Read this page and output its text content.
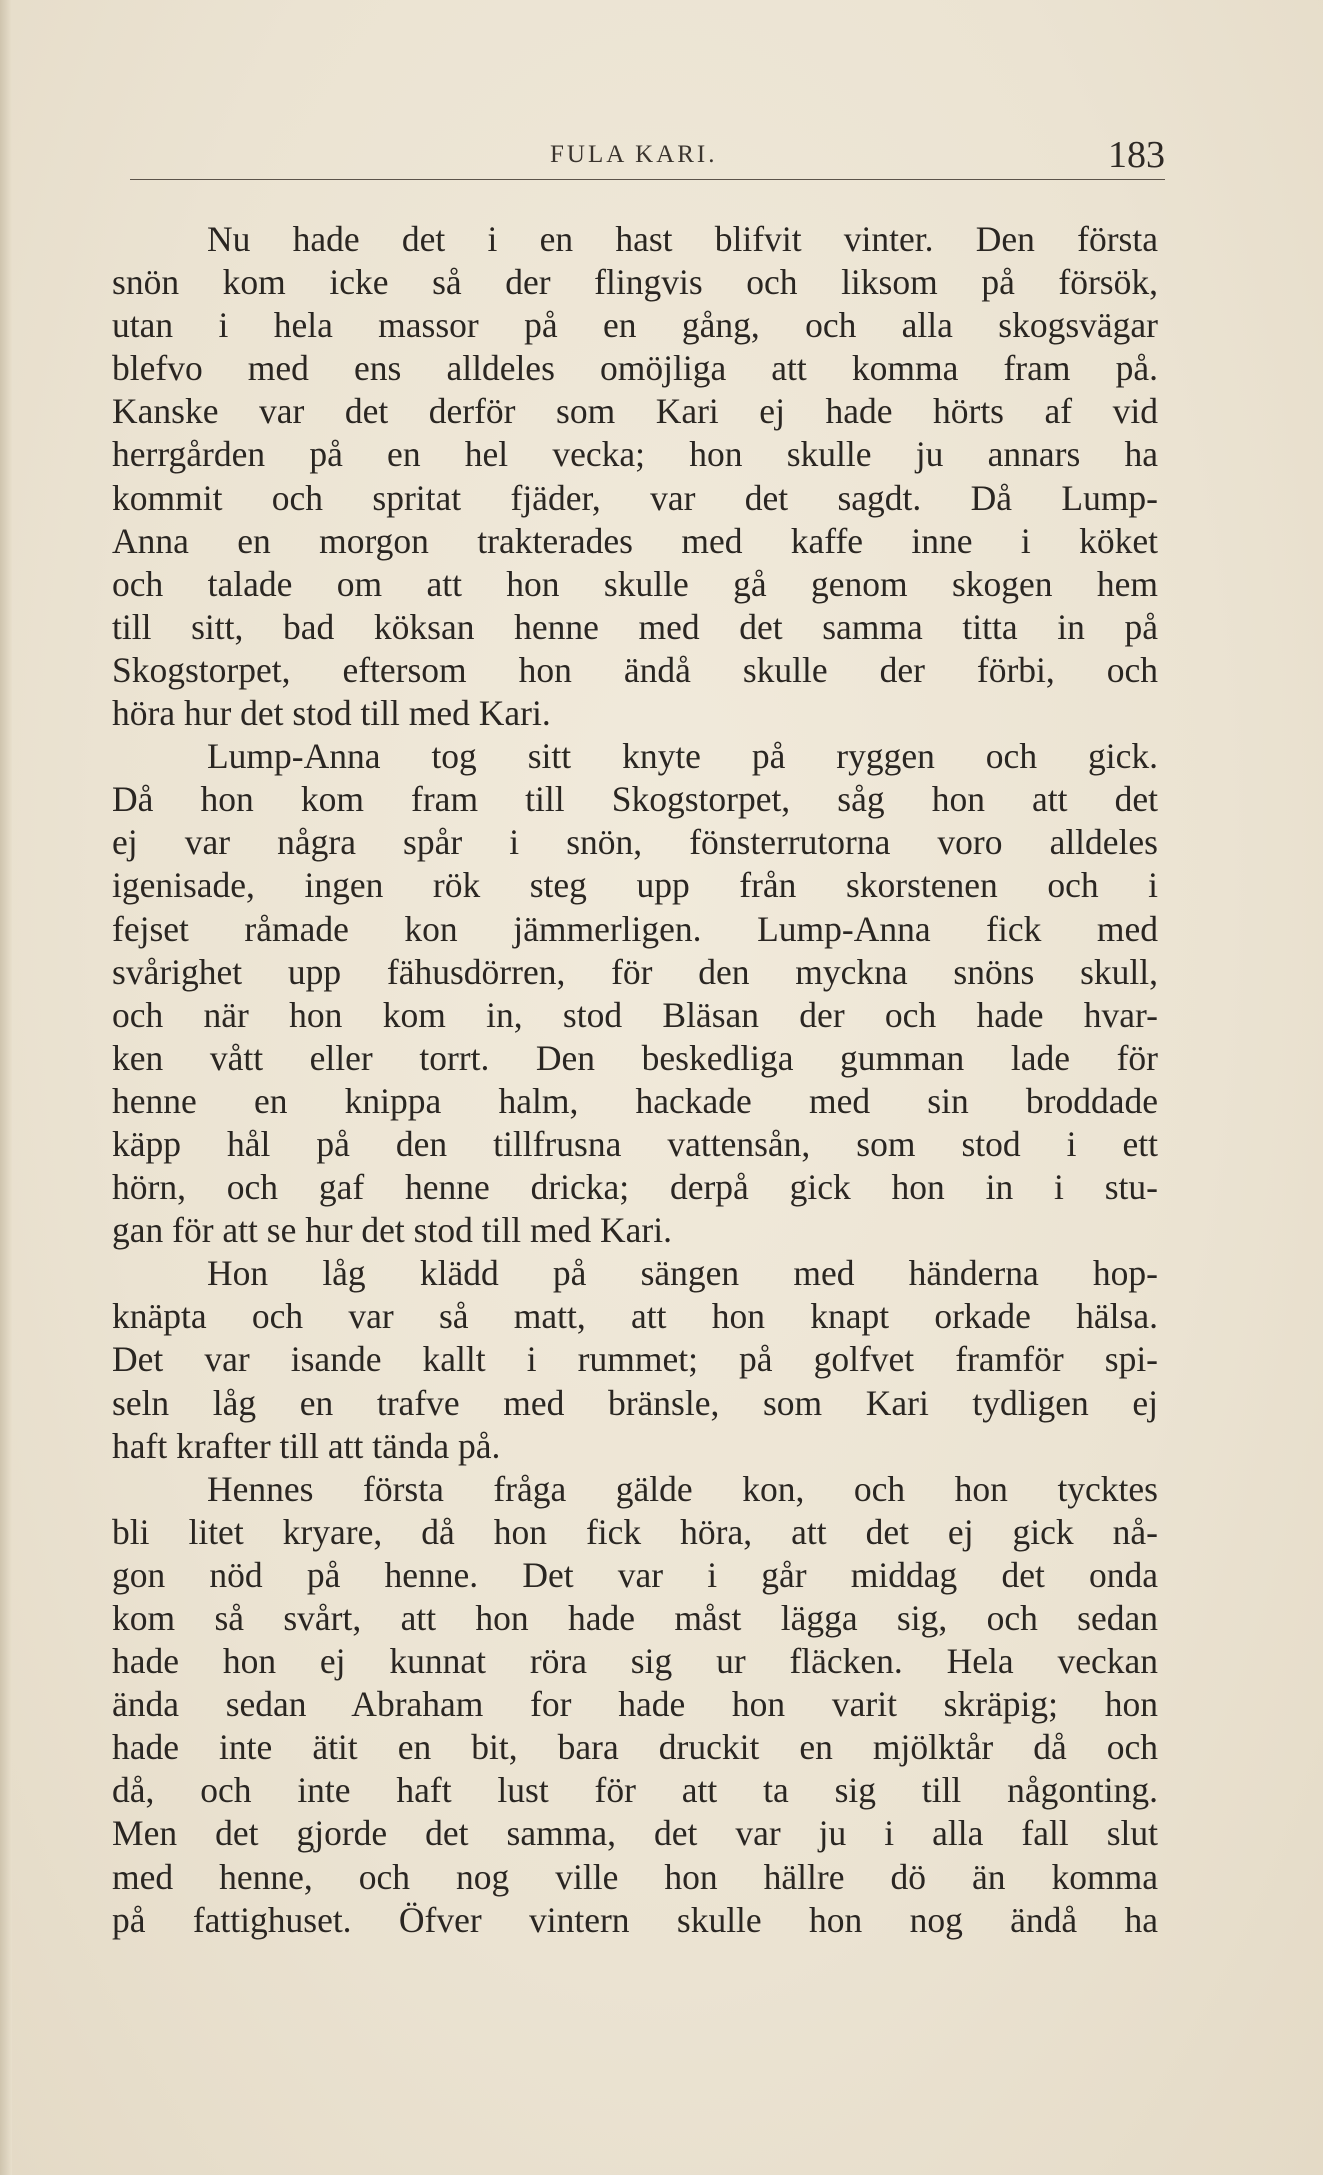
FULA KARI.	183
Nu hade det i en hast blifvit vinter. Den första
snön kom icke så der flingvis och liksom på försök,
utan i hela massor på en gång, och alla skogsvägar
blefvo med ens alldeles omöjliga att komma fram på.
Kanske var det derför som Kari ej hade hörts af vid
herrgården på en hel vecka; hon skulle ju annars ha
kommit och spritat fjäder, var det sagdt. Då Lump-
Anna en morgon trakterades med kaffe inne i köket
och talade om att hon skulle gå genom skogen hem
till sitt, bad köksan henne med det samma titta in på
Skogstorpet, eftersom hon ändå skulle der förbi, och
höra hur det stod till med Kari.
Lump-Anna tog sitt knyte på ryggen och gick.
Då hon kom fram till Skogstorpet, såg hon att det
ej var några spår i snön, fönsterrutorna voro alldeles
igenisade, ingen rök steg upp från skorstenen och i
fejset råmade kon jämmerligen. Lump-Anna fick med
svårighet upp fähusdörren, för den myckna snöns skull,
och när hon kom in, stod Bläsan der och hade hvar-
ken vått eller torrt. Den beskedliga gumman lade för
henne en knippa halm, hackade med sin broddade
käpp hål på den tillfrusna vattensån, som stod i ett
hörn, och gaf henne dricka; derpå gick hon in i stu-
gan för att se hur det stod till med Kari.
Hon låg klädd på sängen med händerna hop-
knäpta och var så matt, att hon knapt orkade hälsa.
Det var isande kallt i rummet; på golfvet framför spi-
seln låg en trafve med bränsle, som Kari tydligen ej
haft krafter till att tända på.
Hennes första fråga gälde kon, och hon tycktes
bli litet kryare, då hon fick höra, att det ej gick nå-
gon nöd på henne. Det var i går middag det onda
kom så svårt, att hon hade måst lägga sig, och sedan
hade hon ej kunnat röra sig ur fläcken. Hela veckan
ända sedan Abraham for hade hon varit skräpig; hon
hade inte ätit en bit, bara druckit en mjölktår då och
då, och inte haft lust för att ta sig till någonting.
Men det gjorde det samma, det var ju i alla fall slut
med henne, och nog ville hon hällre dö än komma
på fattighuset. Öfver vintern skulle hon nog ändå ha
